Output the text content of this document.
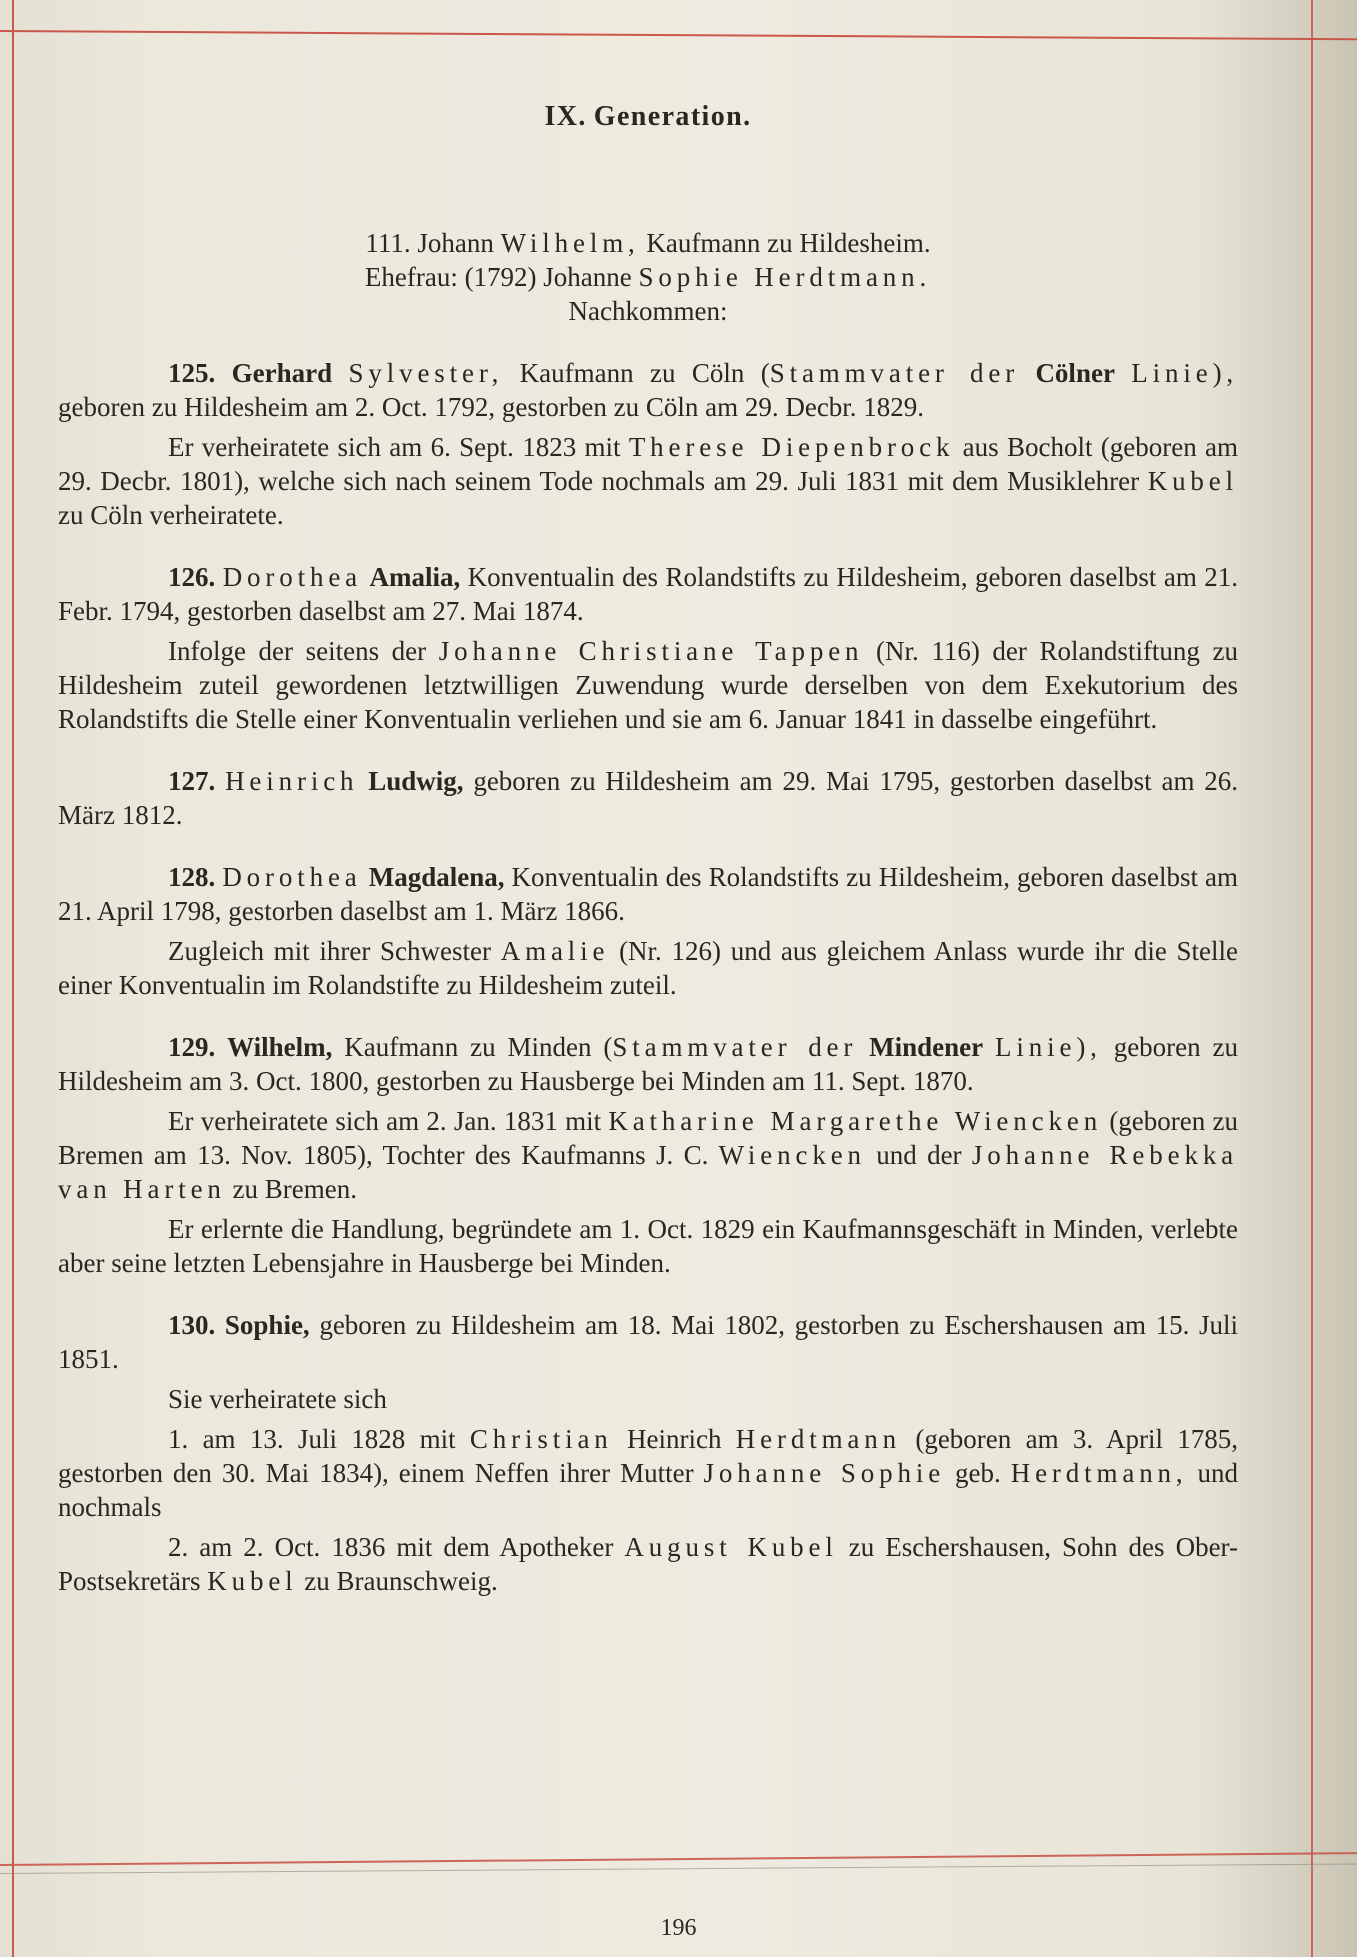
IX. Generation.

111. Johann Wilhelm, Kaufmann zu Hildesheim.

Ehefrau: (1792) Johanne Sophie Herdtmann.

Nachkommen:

125. Gerhard Sylvester, Kaufmann zu Cöln (Stammvater der Cölner Linie), geboren zu Hildesheim am 2. Oct. 1792, gestorben zu Cöln am 29. Decbr. 1829.

Er verheiratete sich am 6. Sept. 1823 mit Therese Diepenbrock aus Bocholt (geboren am 29. Decbr. 1801), welche sich nach seinem Tode nochmals am 29. Juli 1831 mit dem Musiklehrer Kubel zu Cöln verheiratete.

126. Dorothea Amalia, Konventualin des Rolandstifts zu Hildesheim, geboren daselbst am 21. Febr. 1794, gestorben daselbst am 27. Mai 1874.

Infolge der seitens der Johanne Christiane Tappen (Nr. 116) der Rolandstiftung zu Hildesheim zuteil gewordenen letztwilligen Zuwendung wurde derselben von dem Exekutorium des Rolandstifts die Stelle einer Konventualin verliehen und sie am 6. Januar 1841 in dasselbe eingeführt.

127. Heinrich Ludwig, geboren zu Hildesheim am 29. Mai 1795, gestorben daselbst am 26. März 1812.

128. Dorothea Magdalena, Konventualin des Rolandstifts zu Hildesheim, geboren daselbst am 21. April 1798, gestorben daselbst am 1. März 1866.

Zugleich mit ihrer Schwester Amalie (Nr. 126) und aus gleichem Anlass wurde ihr die Stelle einer Konventualin im Rolandstifte zu Hildesheim zuteil.

129. Wilhelm, Kaufmann zu Minden (Stammvater der Mindener Linie), geboren zu Hildesheim am 3. Oct. 1800, gestorben zu Hausberge bei Minden am 11. Sept. 1870.

Er verheiratete sich am 2. Jan. 1831 mit Katharine Margarethe Wiencken (geboren zu Bremen am 13. Nov. 1805), Tochter des Kaufmanns J. C. Wiencken und der Johanne Rebekka van Harten zu Bremen.

Er erlernte die Handlung, begründete am 1. Oct. 1829 ein Kaufmannsgeschäft in Minden, verlebte aber seine letzten Lebensjahre in Hausberge bei Minden.

130. Sophie, geboren zu Hildesheim am 18. Mai 1802, gestorben zu Eschershausen am 15. Juli 1851.

Sie verheiratete sich

1. am 13. Juli 1828 mit Christian Heinrich Herdtmann (geboren am 3. April 1785, gestorben den 30. Mai 1834), einem Neffen ihrer Mutter Johanne Sophie geb. Herdtmann, und nochmals

2. am 2. Oct. 1836 mit dem Apotheker August Kubel zu Eschershausen, Sohn des Ober-Postsekretärs Kubel zu Braunschweig.

196
